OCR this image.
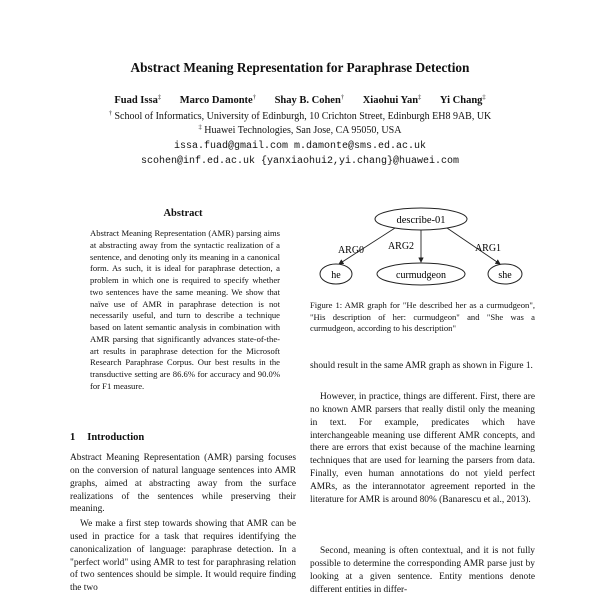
Abstract Meaning Representation for Paraphrase Detection
Fuad Issa‡ Marco Damonte† Shay B. Cohen† Xiaohui Yan‡ Yi Chang‡
† School of Informatics, University of Edinburgh, 10 Crichton Street, Edinburgh EH8 9AB, UK
‡ Huawei Technologies, San Jose, CA 95050, USA
issa.fuad@gmail.com m.damonte@sms.ed.ac.uk
scohen@inf.ed.ac.uk {yanxiaohui2,yi.chang}@huawei.com
Abstract
Abstract Meaning Representation (AMR) parsing aims at abstracting away from the syntactic realization of a sentence, and denoting only its meaning in a canonical form. As such, it is ideal for paraphrase detection, a problem in which one is required to specify whether two sentences have the same meaning. We show that naïve use of AMR in paraphrase detection is not necessarily useful, and turn to describe a technique based on latent semantic analysis in combination with AMR parsing that significantly advances state-of-the-art results in paraphrase detection for the Microsoft Research Paraphrase Corpus. Our best results in the transductive setting are 86.6% for accuracy and 90.0% for F1 measure.
1 Introduction
Abstract Meaning Representation (AMR) parsing focuses on the conversion of natural language sentences into AMR graphs, aimed at abstracting away from the surface realizations of the sentences while preserving their meaning.
We make a first step towards showing that AMR can be used in practice for a task that requires identifying the canonicalization of language: paraphrase detection. In a "perfect world" using AMR to test for paraphrasing relation of two sentences should be simple. It would require finding the two
describe-01
ARG0 ARG2	ARG1
he	curmudgeon	she
Figure 1: AMR graph for "He described her as a curmudgeon", "His description of her: curmudgeon" and "She was a curmudgeon, according to his description"
should result in the same AMR graph as shown in Figure 1.
However, in practice, things are different. First, there are no known AMR parsers that really distil only the meaning in text. For example, predicates which have interchangeable meaning use different AMR concepts, and there are errors that exist because of the machine learning techniques that are used for learning the parsers from data. Finally, even human annotations do not yield perfect AMRs, as the interannotator agreement reported in the literature for AMR is around 80% (Banarescu et al., 2013).
Second, meaning is often contextual, and it is not fully possible to determine the corresponding AMR parse just by looking at a given sentence. Entity mentions denote different entities in differ-
